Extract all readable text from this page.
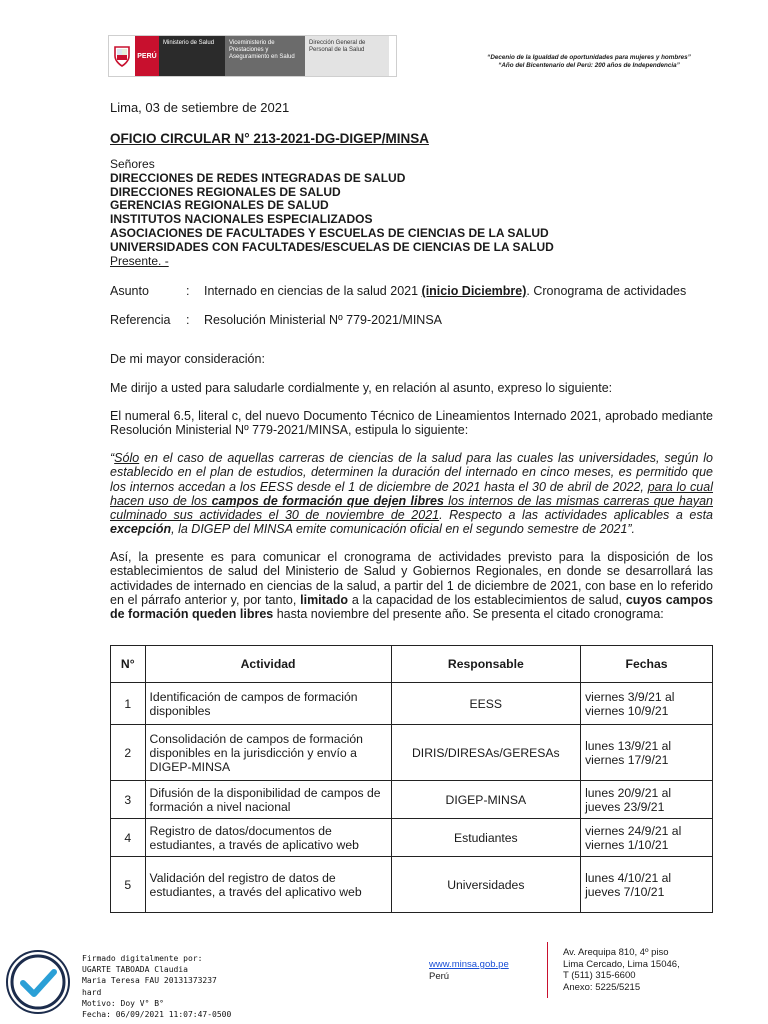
PERÚ
Ministerio de Salud	Viceministerio de Prestaciones y Aseguramiento en Salud
Dirección General de Personal de la Salud
“Decenio de la Igualdad de oportunidades para mujeres y hombres”
“Año del Bicentenario del Perú: 200 años de Independencia”
Lima, 03 de setiembre de 2021
OFICIO CIRCULAR N° 213-2021-DG-DIGEP/MINSA
Señores
DIRECCIONES DE REDES INTEGRADAS DE SALUD
DIRECCIONES REGIONALES DE SALUD
GERENCIAS REGIONALES DE SALUD
INSTITUTOS NACIONALES ESPECIALIZADOS
ASOCIACIONES DE FACULTADES Y ESCUELAS DE CIENCIAS DE LA SALUD
UNIVERSIDADES CON FACULTADES/ESCUELAS DE CIENCIAS DE LA SALUD
Presente. -
Asunto	: Internado en ciencias de la salud 2021 (inicio Diciembre). Cronograma de actividades
Referencia : Resolución Ministerial Nº 779-2021/MINSA
De mi mayor consideración:
Me dirijo a usted para saludarle cordialmente y, en relación al asunto, expreso lo siguiente:
El numeral 6.5, literal c, del nuevo Documento Técnico de Lineamientos Internado 2021, aprobado mediante Resolución Ministerial Nº 779-2021/MINSA, estipula lo siguiente:
“Sólo en el caso de aquellas carreras de ciencias de la salud para las cuales las universidades, según lo establecido en el plan de estudios, determinen la duración del internado en cinco meses, es permitido que los internos accedan a los EESS desde el 1 de diciembre de 2021 hasta el 30 de abril de 2022, para lo cual hacen uso de los campos de formación que dejen libres los internos de las mismas carreras que hayan culminado sus actividades el 30 de noviembre de 2021. Respecto a las actividades aplicables a esta excepción, la DIGEP del MINSA emite comunicación oficial en el segundo semestre de 2021”.
Así, la presente es para comunicar el cronograma de actividades previsto para la disposición de los establecimientos de salud del Ministerio de Salud y Gobiernos Regionales, en donde se desarrollará las actividades de internado en ciencias de la salud, a partir del 1 de diciembre de 2021, con base en lo referido en el párrafo anterior y, por tanto, limitado a la capacidad de los establecimientos de salud, cuyos campos de formación queden libres hasta noviembre del presente año. Se presenta el citado cronograma:
N°	Actividad	Responsable	Fechas
1	Identificación de campos de formación disponibles	EESS	viernes 3/9/21 al viernes 10/9/21
2	Consolidación de campos de formación disponibles en la jurisdicción y envío a DIGEP-MINSA	DIRIS/DIRESAs/GERESAs	lunes 13/9/21 al viernes 17/9/21
3	Difusión de la disponibilidad de campos de formación a nivel nacional	DIGEP-MINSA	lunes 20/9/21 al jueves 23/9/21
4	Registro de datos/documentos de estudiantes, a través de aplicativo web	Estudiantes	viernes 24/9/21 al viernes 1/10/21
5	Validación del registro de datos de estudiantes, a través del aplicativo web	Universidades	lunes 4/10/21 al jueves 7/10/21
Firmado digitalmente por:
UGARTE TABOADA Claudia
Maria Teresa FAU 20131373237
hard
Motivo: Doy V° B°
Fecha: 06/09/2021 11:07:47-0500
www.minsa.gob.pe
Perú
Av. Arequipa 810, 4º piso
Lima Cercado, Lima 15046,
T (511) 315-6600
Anexo: 5225/5215
